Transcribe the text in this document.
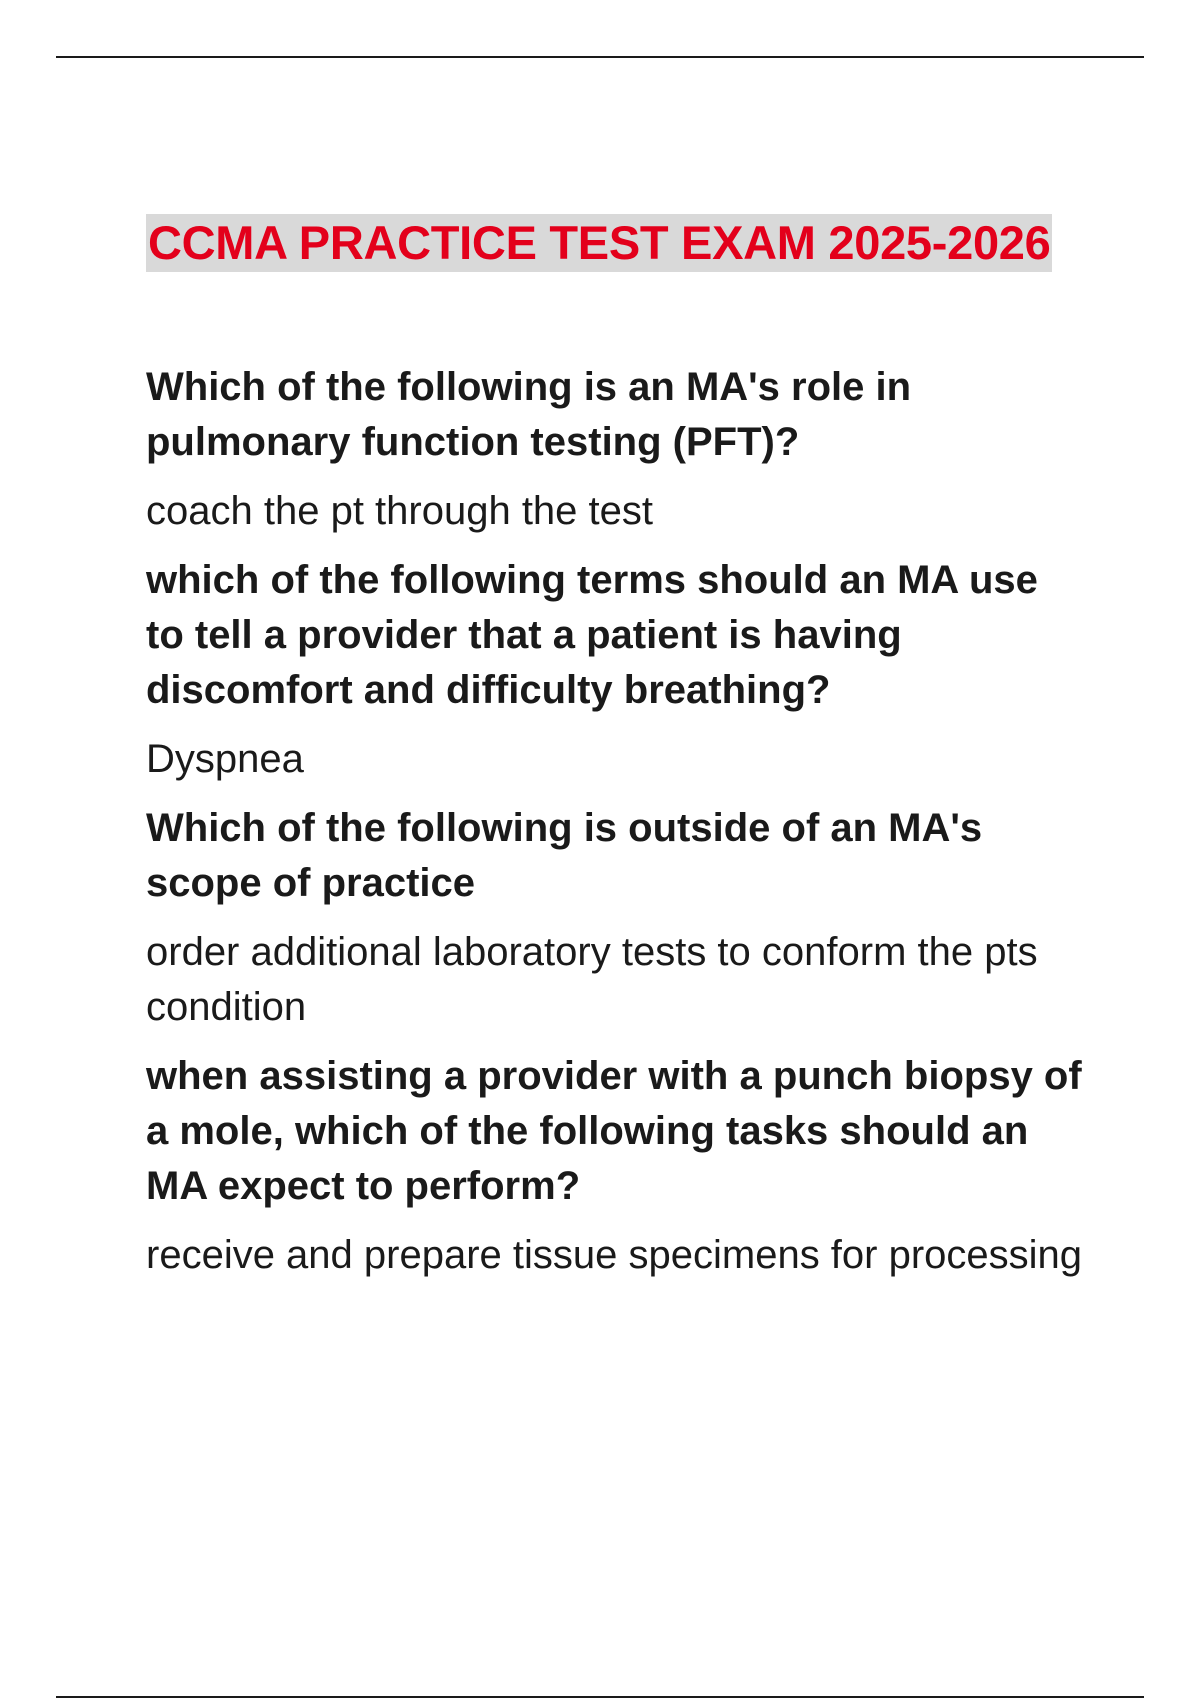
CCMA PRACTICE TEST EXAM 2025-2026

Which of the following is an MA's role in pulmonary function testing (PFT)?

coach the pt through the test

which of the following terms should an MA use to tell a provider that a patient is having discomfort and difficulty breathing?

Dyspnea

Which of the following is outside of an MA's scope of practice

order additional laboratory tests to conform the pts condition

when assisting a provider with a punch biopsy of a mole, which of the following tasks should an MA expect to perform?

receive and prepare tissue specimens for processing
